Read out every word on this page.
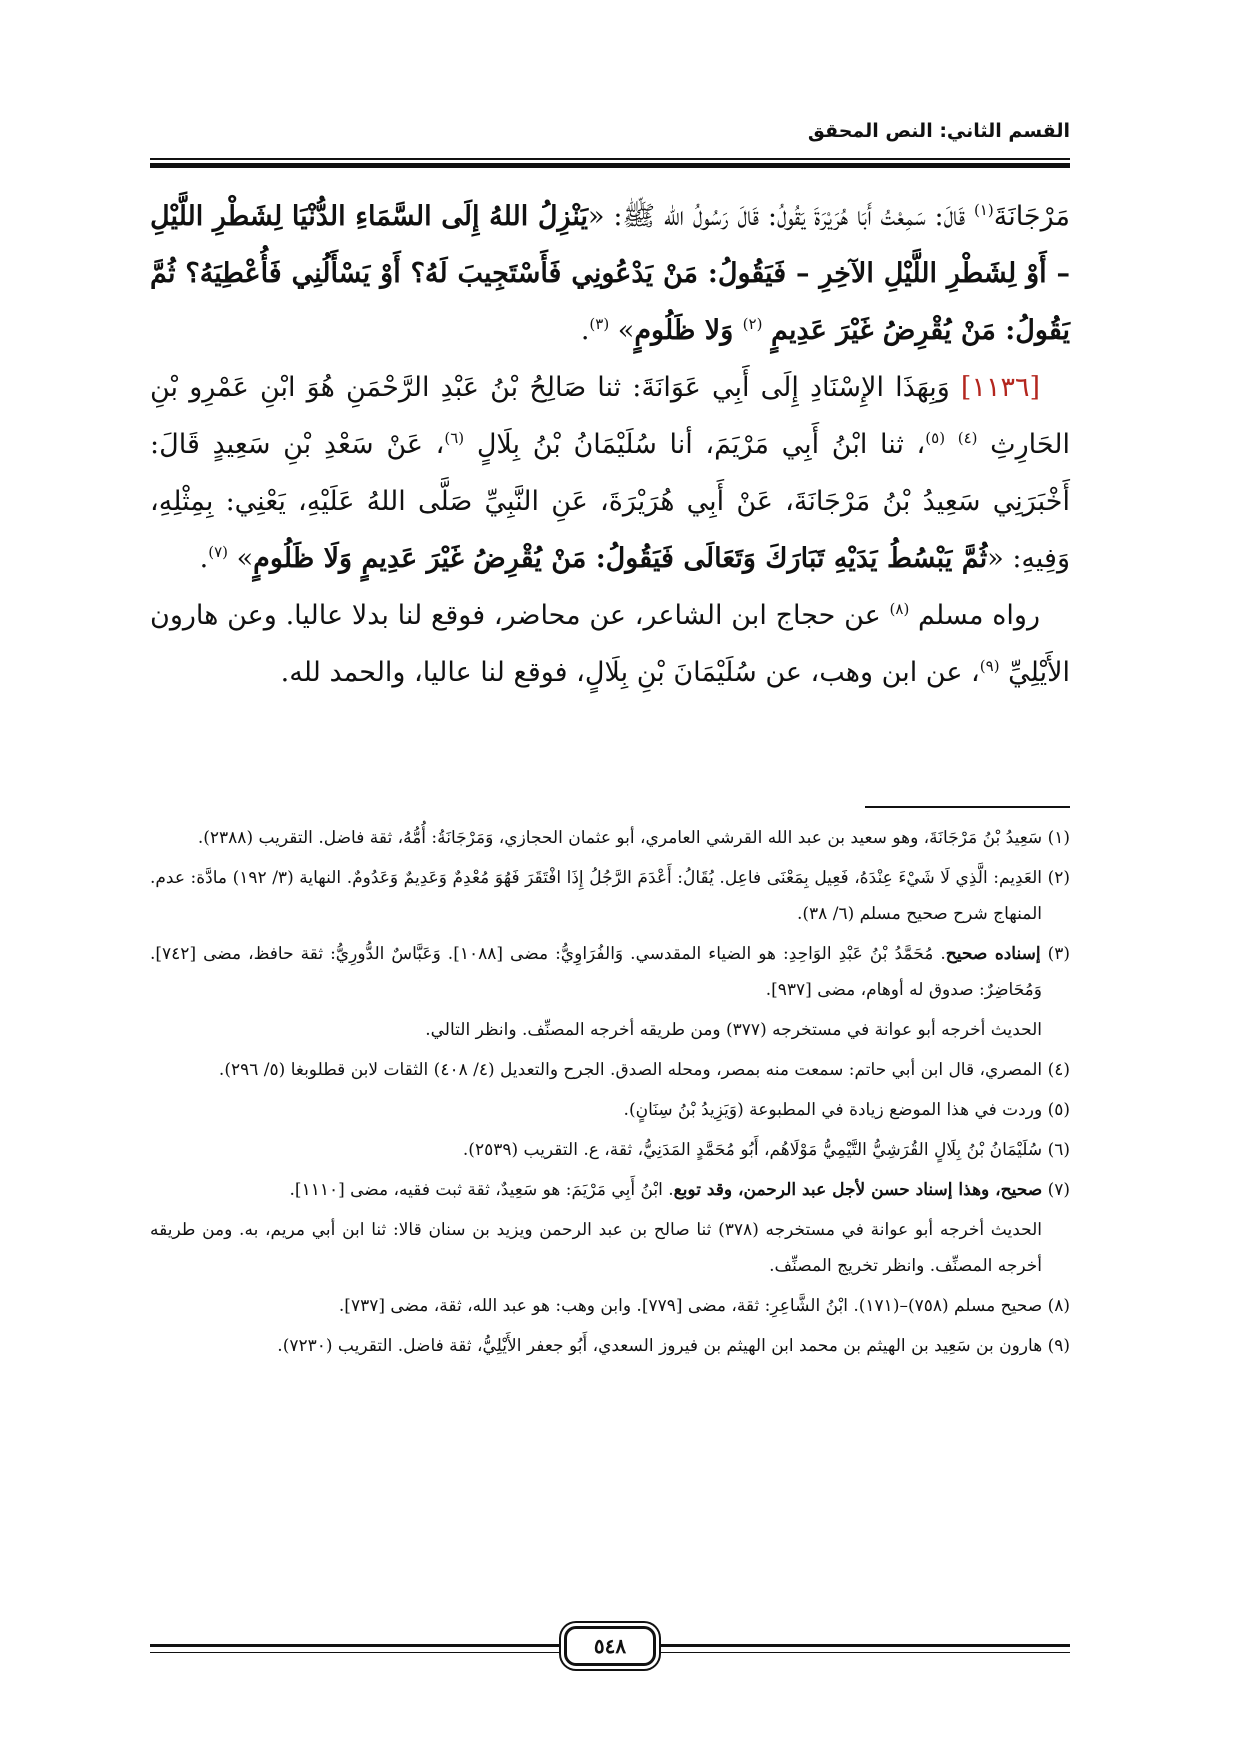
القسم الثاني: النص المحقق

مَرْجَانَةَ$^{(١)}$ قَالَ: سَمِعْتُ أَبَا هُرَيْرَةَ يَقُولُ: قَالَ رَسُولُ الله ﷺ: «يَنْزِلُ اللهُ إِلَى السَّمَاءِ الدُّنْيَا لِشَطْرِ اللَّيْلِ – أَوْ لِشَطْرِ اللَّيْلِ الآخِرِ – فَيَقُولُ: مَنْ يَدْعُونِي فَأَسْتَجِيبَ لَهُ؟ أَوْ يَسْأَلُنِي فَأُعْطِيَهُ؟ ثُمَّ يَقُولُ: مَنْ يُقْرِضُ غَيْرَ عَدِيمٍ $^{(٢)}$ وَلا ظَلُومٍ» $^{(٣)}$.

[١١٣٦] وَبِهَذَا الإِسْنَادِ إِلَى أَبِي عَوَانَةَ: ثنا صَالِحُ بْنُ عَبْدِ الرَّحْمَنِ هُوَ ابْنِ عَمْرِو بْنِ الحَارِثِ $^{(٤)}$ $^{(٥)}$، ثنا ابْنُ أَبِي مَرْيَمَ، أنا سُلَيْمَانُ بْنُ بِلَالٍ $^{(٦)}$، عَنْ سَعْدِ بْنِ سَعِيدٍ قَالَ: أَخْبَرَنِي سَعِيدُ بْنُ مَرْجَانَةَ، عَنْ أَبِي هُرَيْرَةَ، عَنِ النَّبِيِّ صَلَّى اللهُ عَلَيْهِ، يَعْنِي: بِمِثْلِهِ، وَفِيهِ: «ثُمَّ يَبْسُطُ يَدَيْهِ تَبَارَكَ وَتَعَالَى فَيَقُولُ: مَنْ يُقْرِضُ غَيْرَ عَدِيمٍ وَلَا ظَلُومٍ» $^{(٧)}$.

رواه مسلم $^{(٨)}$ عن حجاج ابن الشاعر، عن محاضر، فوقع لنا بدلا عاليا. وعن هارون الأَيْلِيِّ $^{(٩)}$، عن ابن وهب، عن سُلَيْمَانَ بْنِ بِلَالٍ، فوقع لنا عاليا، والحمد لله.

(١) سَعِيدُ بْنُ مَرْجَانَةَ، وهو سعيد بن عبد الله القرشي العامري، أبو عثمان الحجازي، وَمَرْجَانَةُ: أُمُّهُ، ثقة فاضل. التقريب (٢٣٨٨).

(٢) العَدِيم: الَّذِي لَا شَيْءَ عِنْدَهُ، فَعِيل بِمَعْنَى فاعِل. يُقَالُ: أَعْدَمَ الرَّجُلُ إِذَا افْتَقَرَ فَهُوَ مُعْدِمٌ وَعَدِيمٌ وَعَدُومٌ. النهاية (٣/ ١٩٢) مادَّة: عدم. المنهاج شرح صحيح مسلم (٦/ ٣٨).

(٣) إسناده صحيح. مُحَمَّدُ بْنُ عَبْدِ الوَاحِدِ: هو الضياء المقدسي. وَالفُرَاوِيُّ: مضى [١٠٨٨]. وَعَبَّاسٌ الدُّورِيُّ: ثقة حافظ، مضى [٧٤٢]. وَمُحَاضِرٌ: صدوق له أوهام، مضى [٩٣٧].

الحديث أخرجه أبو عوانة في مستخرجه (٣٧٧) ومن طريقه أخرجه المصنِّف. وانظر التالي.

(٤) المصري، قال ابن أبي حاتم: سمعت منه بمصر، ومحله الصدق. الجرح والتعديل (٤/ ٤٠٨) الثقات لابن قطلوبغا (٥/ ٢٩٦).

(٥) وردت في هذا الموضع زيادة في المطبوعة (وَيَزِيدُ بْنُ سِنَانٍ).

(٦) سُلَيْمَانُ بْنُ بِلَالٍ القُرَشِيُّ التَّيْمِيُّ مَوْلَاهُم، أَبُو مُحَمَّدٍ المَدَنِيُّ، ثقة، ع. التقريب (٢٥٣٩).

(٧) صحيح، وهذا إسناد حسن لأجل عبد الرحمن، وقد توبع. ابْنُ أَبِي مَرْيَمَ: هو سَعِيدٌ، ثقة ثبت فقيه، مضى [١١١٠].

الحديث أخرجه أبو عوانة في مستخرجه (٣٧٨) ثنا صالح بن عبد الرحمن ويزيد بن سنان قالا: ثنا ابن أبي مريم، به. ومن طريقه أخرجه المصنِّف. وانظر تخريج المصنِّف.

(٨) صحيح مسلم (٧٥٨)–(١٧١). ابْنُ الشَّاعِرِ: ثقة، مضى [٧٧٩]. وابن وهب: هو عبد الله، ثقة، مضى [٧٣٧].

(٩) هارون بن سَعِيد بن الهيثم بن محمد ابن الهيثم بن فيروز السعدي، أَبُو جعفر الأَيْلِيُّ، ثقة فاضل. التقريب (٧٢٣٠).

٥٤٨
